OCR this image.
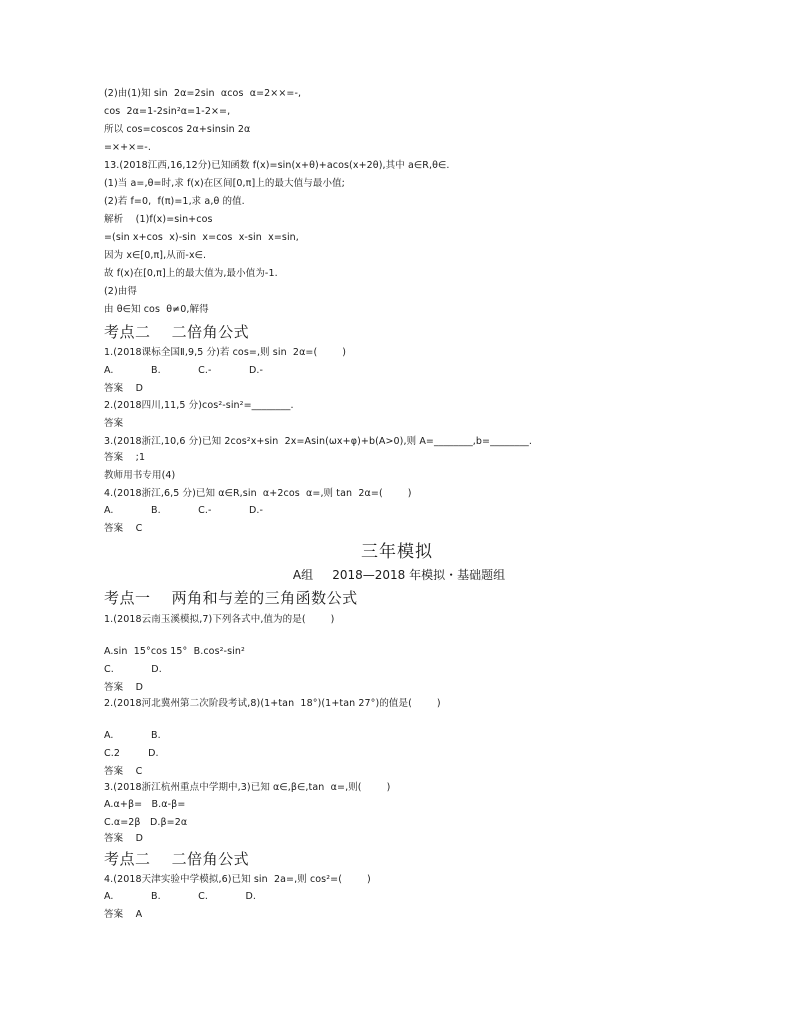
(2)由(1)知 sin  2α=2sin  αcos  α=2××=-,
cos  2α=1-2sin²α=1-2×=,
所以 cos=coscos 2α+sinsin 2α
=×+×=-.
13.(2018江西,16,12分)已知函数 f(x)=sin(x+θ)+acos(x+2θ),其中 a∈R,θ∈.
(1)当 a=,θ=时,求 f(x)在区间[0,π]上的最大值与最小值;
(2)若 f=0,  f(π)=1,求 a,θ 的值.
解析    (1)f(x)=sin+cos
=(sin x+cos  x)-sin  x=cos  x-sin  x=sin,
因为 x∈[0,π],从而-x∈.
故 f(x)在[0,π]上的最大值为,最小值为-1.
(2)由得
由 θ∈知 cos  θ≠0,解得
考点二    二倍角公式
1.(2018课标全国Ⅱ,9,5 分)若 cos=,则 sin  2α=(        )
A.            B.            C.-            D.-
答案    D
2.(2018四川,11,5 分)cos²-sin²=________.
答案
3.(2018浙江,10,6 分)已知 2cos²x+sin  2x=Asin(ωx+φ)+b(A>0),则 A=________,b=________.
答案    ;1
教师用书专用(4)
4.(2018浙江,6,5 分)已知 α∈R,sin  α+2cos  α=,则 tan  2α=(        )
A.            B.            C.-            D.-
答案    C
三年模拟
A组     2018—2018 年模拟・基础题组
考点一    两角和与差的三角函数公式
1.(2018云南玉溪模拟,7)下列各式中,值为的是(        )
A.sin  15°cos 15°  B.cos²-sin²
C.            D.
答案    D
2.(2018河北冀州第二次阶段考试,8)(1+tan  18°)(1+tan 27°)的值是(        )
A.            B.
C.2         D.
答案    C
3.(2018浙江杭州重点中学期中,3)已知 α∈,β∈,tan  α=,则(        )
A.α+β=   B.α-β=
C.α=2β   D.β=2α
答案    D
考点二    二倍角公式
4.(2018天津实验中学模拟,6)已知 sin  2a=,则 cos²=(        )
A.            B.            C.            D.
答案    A
